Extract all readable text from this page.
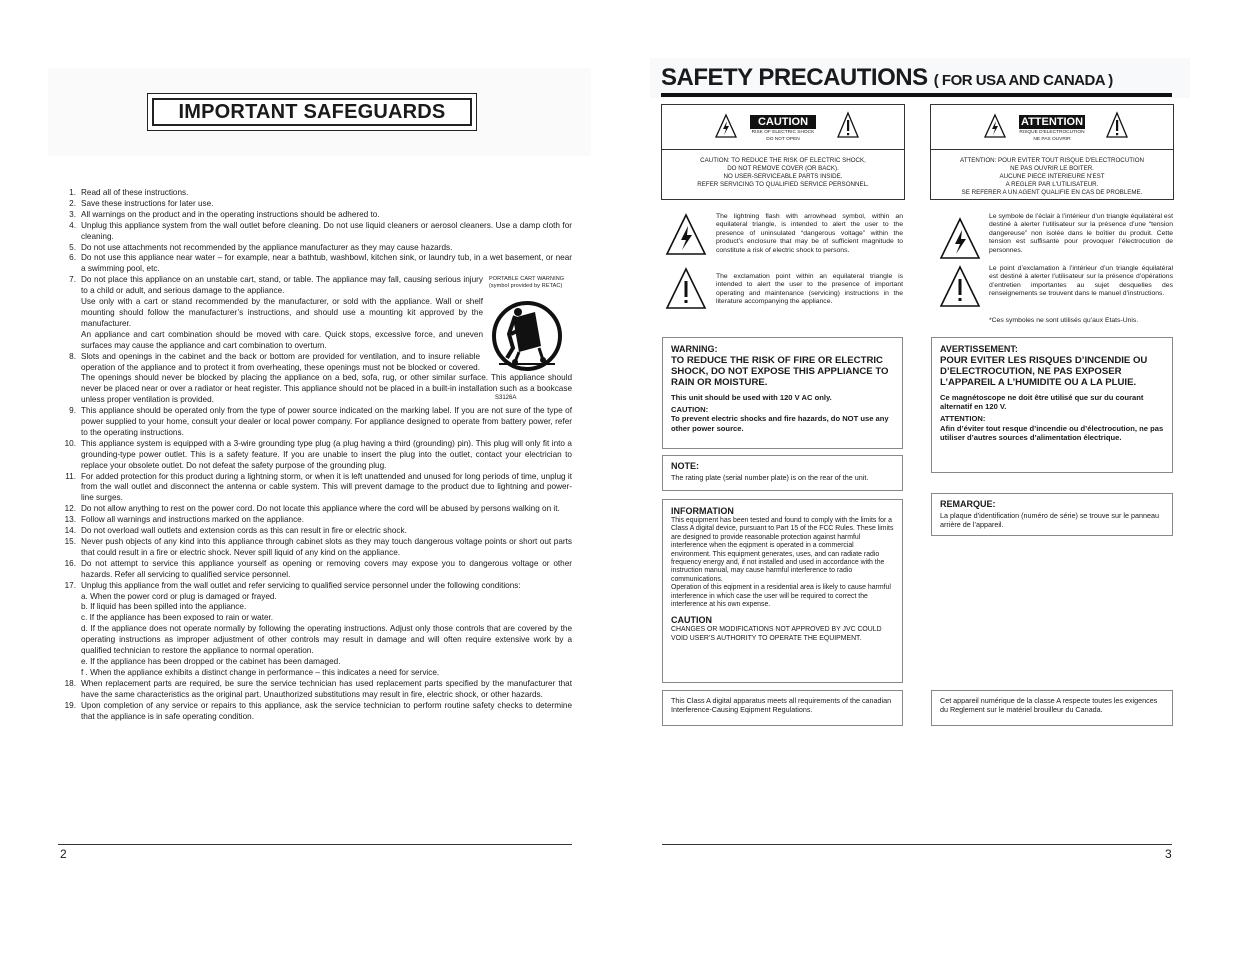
IMPORTANT SAFEGUARDS
1. Read all of these instructions.
2. Save these instructions for later use.
3. All warnings on the product and in the operating instructions should be adhered to.
4. Unplug this appliance system from the wall outlet before cleaning. Do not use liquid cleaners or aerosol cleaners. Use a damp cloth for cleaning.
5. Do not use attachments not recommended by the appliance manufacturer as they may cause hazards.
6. Do not use this appliance near water – for example, near a bathtub, washbowl, kitchen sink, or laundry tub, in a wet basement, or near a swimming pool, etc.
7. Do not place this appliance on an unstable cart, stand, or table. The appliance may fall, causing serious injury to a child or adult, and serious damage to the appliance.
Use only with a cart or stand recommended by the manufacturer, or sold with the appliance. Wall or shelf mounting should follow the manufacturer’s instructions, and should use a mounting kit approved by the manufacturer.
An appliance and cart combination should be moved with care. Quick stops, excessive force, and uneven surfaces may cause the appliance and cart combination to overturn.
8. Slots and openings in the cabinet and the back or bottom are provided for ventilation, and to insure reliable operation of the appliance and to protect it from overheating, these openings must not be blocked or covered. The openings should never be blocked by placing the appliance on a bed, sofa, rug, or other similar surface. This appliance should never be placed near or over a radiator or heat register. This appliance should not be placed in a built-in installation such as a bookcase unless proper ventilation is provided.
9. This appliance should be operated only from the type of power source indicated on the marking label. If you are not sure of the type of power supplied to your home, consult your dealer or local power company. For appliance designed to operate from battery power, refer to the operating instructions.
10. This appliance system is equipped with a 3-wire grounding type plug (a plug having a third (grounding) pin). This plug will only fit into a grounding-type power outlet. This is a safety feature. If you are unable to insert the plug into the outlet, contact your electrician to replace your obsolete outlet. Do not defeat the safety purpose of the grounding plug.
11. For added protection for this product during a lightning storm, or when it is left unattended and unused for long periods of time, unplug it from the wall outlet and disconnect the antenna or cable system. This will prevent damage to the product due to lightning and power-line surges.
12. Do not allow anything to rest on the power cord. Do not locate this appliance where the cord will be abused by persons walking on it.
13. Follow all warnings and instructions marked on the appliance.
14. Do not overload wall outlets and extension cords as this can result in fire or electric shock.
15. Never push objects of any kind into this appliance through cabinet slots as they may touch dangerous voltage points or short out parts that could result in a fire or electric shock. Never spill liquid of any kind on the appliance.
16. Do not attempt to service this appliance yourself as opening or removing covers may expose you to dangerous voltage or other hazards. Refer all servicing to qualified service personnel.
17. Unplug this appliance from the wall outlet and refer servicing to qualified service personnel under the following conditions:
a. When the power cord or plug is damaged or frayed.
b. If liquid has been spilled into the appliance.
c. If the appliance has been exposed to rain or water.
d. If the appliance does not operate normally by following the operating instructions. Adjust only those controls that are covered by the operating instructions as improper adjustment of other controls may result in damage and will often require extensive work by a qualified technician to restore the appliance to normal operation.
e. If the appliance has been dropped or the cabinet has been damaged.
f . When the appliance exhibits a distinct change in performance – this indicates a need for service.
18. When replacement parts are required, be sure the service technician has used replacement parts specified by the manufacturer that have the same characteristics as the original part. Unauthorized substitutions may result in fire, electric shock, or other hazards.
19. Upon completion of any service or repairs to this appliance, ask the service technician to perform routine safety checks to determine that the appliance is in safe operating condition.
PORTABLE CART WARNING
(symbol provided by RETAC)
S3126A
2
SAFETY PRECAUTIONS ( FOR USA AND CANADA )
CAUTION
RISK OF ELECTRIC SHOCK
DO NOT OPEN
CAUTION: TO REDUCE THE RISK OF ELECTRIC SHOCK,
DO NOT REMOVE COVER (OR BACK).
NO USER-SERVICEABLE PARTS INSIDE.
REFER SERVICING TO QUALIFIED SERVICE PERSONNEL.
ATTENTION
RISQUE D'ELECTROCUTION
NE PAS OUVRIR
ATTENTION: POUR EVITER TOUT RISQUE D'ELECTROCUTION
NE PAS OUVRIR LE BOITER.
AUCUNE PIECE INTERIEURE N'EST
A REGLER PAR L'UTILISATEUR.
SE REFERER A UN AGENT QUALIFIE EN CAS DE PROBLEME.
The lightning flash with arrowhead symbol, within an equilateral triangle, is intended to alert the user to the presence of uninsulated “dangerous voltage” within the product’s enclosure that may be of sufficient magnitude to constitute a risk of electric shock to persons.
The exclamation point within an equilateral triangle is intended to alert the user to the presence of important operating and maintenance (servicing) instructions in the literature accompanying the appliance.
Le symbole de l’éclair à l’intérieur d’un triangle équilatéral est destiné à alerter l’utilisateur sur la présence d’une “tension dangereuse” non isolée dans le boîtier du produit. Cette tension est suffisante pour provoquer l’électrocution de personnes.
Le point d’exclamation à l’intérieur d’un triangle équilatéral est destiné à alerter l’utilisateur sur la présence d’opérations d’entretien importantes au sujet desquelles des renseignements se trouvent dans le manuel d’instructions.
*Ces symboles ne sont utilisés qu’aux Etats-Unis.
WARNING:
TO REDUCE THE RISK OF FIRE OR ELECTRIC SHOCK, DO NOT EXPOSE THIS APPLIANCE TO RAIN OR MOISTURE.
This unit should be used with 120 V AC only.
CAUTION:
To prevent electric shocks and fire hazards, do NOT use any other power source.
AVERTISSEMENT:
POUR EVITER LES RISQUES D’INCENDIE OU D’ELECTROCUTION, NE PAS EXPOSER L’APPAREIL A L’HUMIDITE OU A LA PLUIE.
Ce magnétoscope ne doit être utilisé que sur du courant alternatif en 120 V.
ATTENTION:
Afin d’éviter tout resque d’incendie ou d’électrocution, ne pas utiliser d’autres sources d’alimentation électrique.
NOTE:
The rating plate (serial number plate) is on the rear of the unit.
REMARQUE:
La plaque d’identification (numéro de série) se trouve sur le panneau arrière de l’appareil.
INFORMATION
This equipment has been tested and found to comply with the limits for a Class A digital device, pursuant to Part 15 of the FCC Rules. These limits are designed to provide reasonable protection against harmful interference when the eqipment is operated in a commercial environment. This equipment generates, uses, and can radiate radio frequency energy and, if not installed and used in accordance with the instruction manual, may cause harmful interference to radio communications.
Operation of this eqipment in a residential area is likely to cause harmful interference in which case the user will be required to correct the interference at his own expense.
CAUTION
CHANGES OR MODIFICATIONS NOT APPROVED BY JVC COULD VOID USER’S AUTHORITY TO OPERATE THE EQUIPMENT.
This Class A digital apparatus meets all requirements of the canadian Interference-Causing Eqipment Regulations.
Cet appareil numérique de la classe A respecte toutes les exigences du Reglement sur le matériel brouilleur du Canada.
3
